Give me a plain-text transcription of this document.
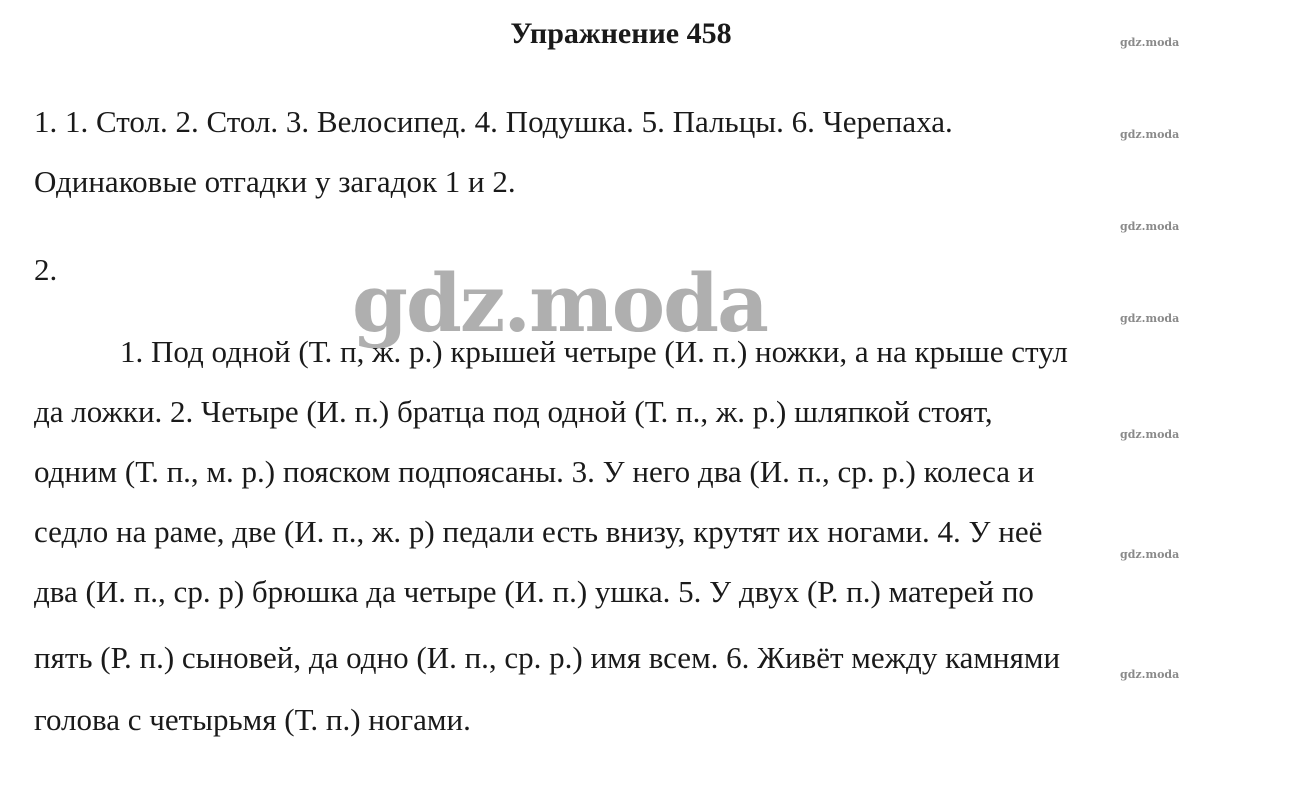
Упражнение 458	gdz.moda
gdz.moda
gdz.moda
gdz.moda
gdz.moda
gdz.moda
gdz.moda
1. 1. Стол. 2. Стол. 3. Велосипед. 4. Подушка. 5. Пальцы. 6. Черепаха.
Одинаковые отгадки у загадок 1 и 2.
2.	gdz.moda
1. Под одной (Т. п, ж. р.) крышей четыре (И. п.) ножки, а на крыше стул
да ложки. 2. Четыре (И. п.) братца под одной (Т. п., ж. р.) шляпкой стоят,
одним (Т. п., м. р.) пояском подпоясаны. 3. У него два (И. п., ср. р.) колеса и
седло на раме, две (И. п., ж. р) педали есть внизу, крутят их ногами. 4. У неё
два (И. п., ср. р) брюшка да четыре (И. п.) ушка. 5. У двух (Р. п.) матерей по
пять (Р. п.) сыновей, да одно (И. п., ср. р.) имя всем. 6. Живёт между камнями
голова с четырьмя (Т. п.) ногами.
